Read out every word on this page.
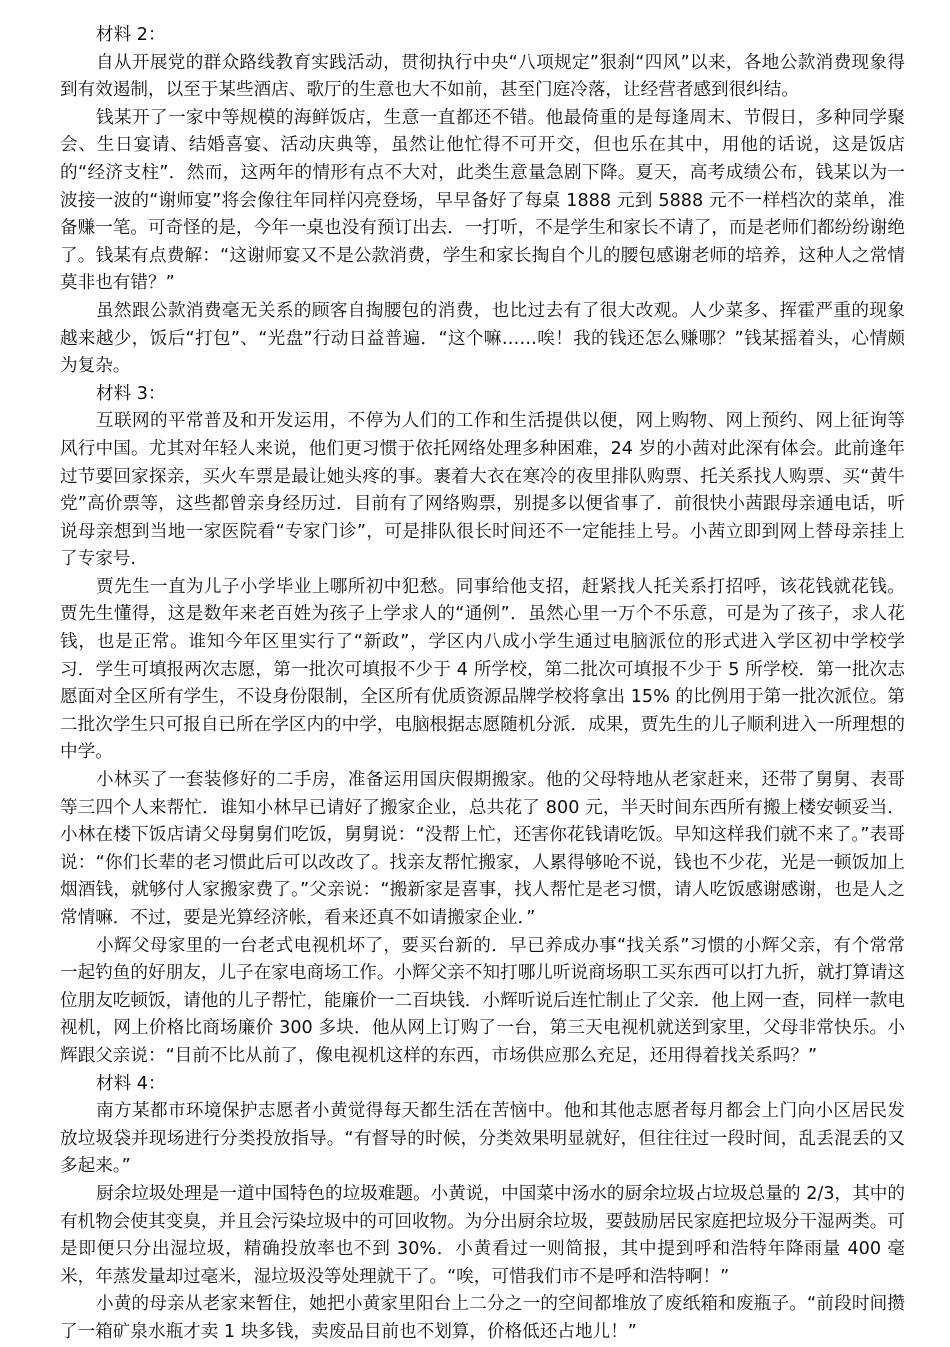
材料 2：

自从开展党的群众路线教育实践活动，贯彻执行中央“八项规定”狠刹“四风”以来，各地公款消费现象得到有效遏制，以至于某些酒店、歌厅的生意也大不如前，甚至门庭冷落，让经营者感到很纠结。

钱某开了一家中等规模的海鲜饭店，生意一直都还不错。他最倚重的是每逢周末、节假日，多种同学聚会、生日宴请、结婚喜宴、活动庆典等，虽然让他忙得不可开交，但也乐在其中，用他的话说，这是饭店的“经济支柱”．然而，这两年的情形有点不大对，此类生意量急剧下降。夏天，高考成绩公布，钱某以为一波接一波的“谢师宴”将会像往年同样闪亮登场，早早备好了每桌 1888 元到 5888 元不一样档次的菜单，准备赚一笔。可奇怪的是，今年一桌也没有预订出去．一打听，不是学生和家长不请了，而是老师们都纷纷谢绝了。钱某有点费解：“这谢师宴又不是公款消费，学生和家长掏自个儿的腰包感谢老师的培养，这种人之常情莫非也有错？”

虽然跟公款消费毫无关系的顾客自掏腰包的消费，也比过去有了很大改观。人少菜多、挥霍严重的现象越来越少，饭后“打包”、“光盘”行动日益普遍．“这个嘛……唉！我的钱还怎么赚哪？”钱某摇着头，心情颇为复杂。

材料 3：

互联网的平常普及和开发运用，不停为人们的工作和生活提供以便，网上购物、网上预约、网上征询等风行中国。尤其对年轻人来说，他们更习惯于依托网络处理多种困难，24 岁的小茜对此深有体会。此前逢年过节要回家探亲，买火车票是最让她头疼的事。裹着大衣在寒冷的夜里排队购票、托关系找人购票、买“黄牛党”高价票等，这些都曾亲身经历过．目前有了网络购票，别提多以便省事了．前很快小茜跟母亲通电话，听说母亲想到当地一家医院看“专家门诊”，可是排队很长时间还不一定能挂上号。小茜立即到网上替母亲挂上了专家号.

贾先生一直为儿子小学毕业上哪所初中犯愁。同事给他支招，赶紧找人托关系打招呼，该花钱就花钱。贾先生懂得，这是数年来老百姓为孩子上学求人的“通例”．虽然心里一万个不乐意，可是为了孩子，求人花钱，也是正常。谁知今年区里实行了“新政”，学区内八成小学生通过电脑派位的形式进入学区初中学校学习．学生可填报两次志愿，第一批次可填报不少于 4 所学校，第二批次可填报不少于 5 所学校．第一批次志愿面对全区所有学生，不设身份限制，全区所有优质资源品牌学校将拿出 15% 的比例用于第一批次派位。第二批次学生只可报自已所在学区内的中学，电脑根据志愿随机分派．成果，贾先生的儿子顺利进入一所理想的中学。

小林买了一套装修好的二手房，准备运用国庆假期搬家。他的父母特地从老家赶来，还带了舅舅、表哥等三四个人来帮忙．谁知小林早已请好了搬家企业，总共花了 800 元，半天时间东西所有搬上楼安顿妥当．小林在楼下饭店请父母舅舅们吃饭，舅舅说：“没帮上忙，还害你花钱请吃饭。早知这样我们就不来了。”表哥说：“你们长辈的老习惯此后可以改改了。找亲友帮忙搬家，人累得够呛不说，钱也不少花，光是一顿饭加上烟酒钱，就够付人家搬家费了。”父亲说：“搬新家是喜事，找人帮忙是老习惯，请人吃饭感谢感谢，也是人之常情嘛．不过，要是光算经济帐，看来还真不如请搬家企业．”

小辉父母家里的一台老式电视机坏了，要买台新的．早已养成办事“找关系”习惯的小辉父亲，有个常常一起钓鱼的好朋友，儿子在家电商场工作。小辉父亲不知打哪儿听说商场职工买东西可以打九折，就打算请这位朋友吃顿饭，请他的儿子帮忙，能廉价一二百块钱．小辉听说后连忙制止了父亲．他上网一查，同样一款电视机，网上价格比商场廉价 300 多块．他从网上订购了一台，第三天电视机就送到家里，父母非常快乐。小辉跟父亲说：“目前不比从前了，像电视机这样的东西，市场供应那么充足，还用得着找关系吗？”

材料 4：

南方某都市环境保护志愿者小黄觉得每天都生活在苦恼中。他和其他志愿者每月都会上门向小区居民发放垃圾袋并现场进行分类投放指导。“有督导的时候，分类效果明显就好，但往往过一段时间，乱丢混丢的又多起来。”

厨余垃圾处理是一道中国特色的垃圾难题。小黄说，中国菜中汤水的厨余垃圾占垃圾总量的 2/3，其中的有机物会使其变臭，并且会污染垃圾中的可回收物。为分出厨余垃圾，要鼓励居民家庭把垃圾分干湿两类。可是即便只分出湿垃圾，精确投放率也不到 30%．小黄看过一则简报，其中提到呼和浩特年降雨量 400 毫米，年蒸发量却过毫米，湿垃圾没等处理就干了。“唉，可惜我们市不是呼和浩特啊！”

小黄的母亲从老家来暂住，她把小黄家里阳台上二分之一的空间都堆放了废纸箱和废瓶子。“前段时间攒了一箱矿泉水瓶才卖 1 块多钱，卖废品目前也不划算，价格低还占地儿！”
